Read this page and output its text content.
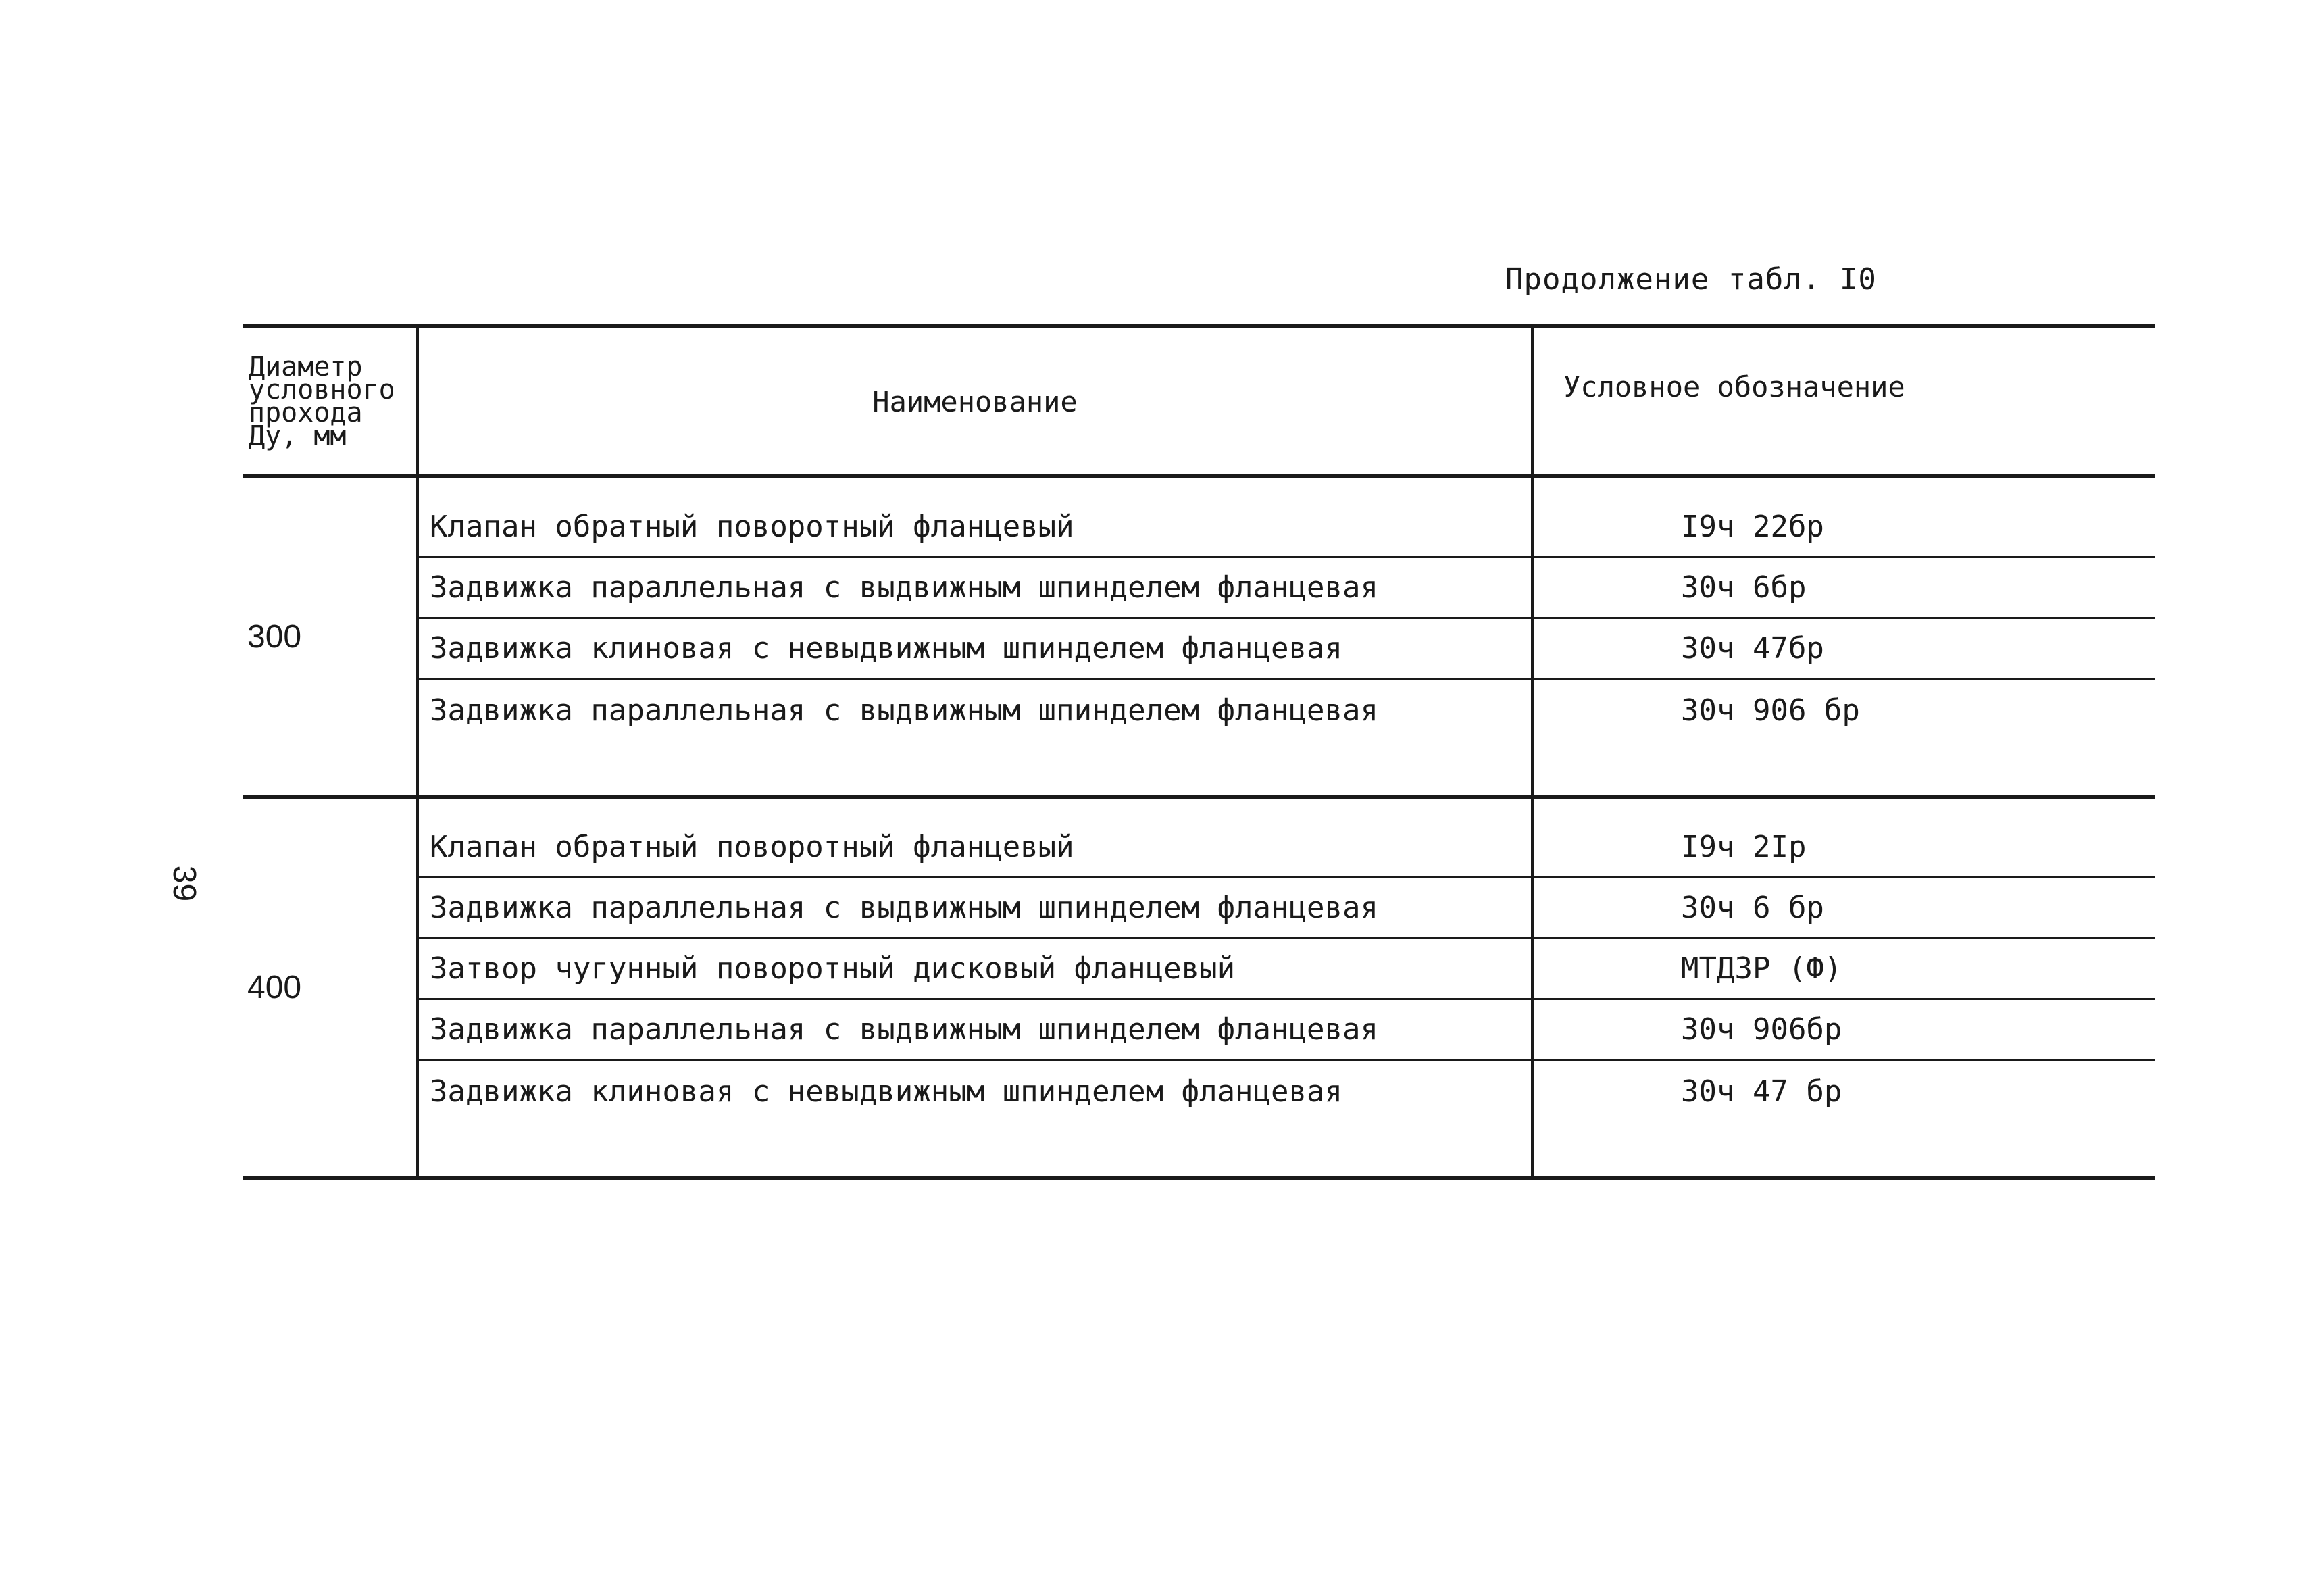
Продолжение табл. I0
39
Диаметр
условного
прохода
Ду, мм	Наименование	Условное обозначение
300	Клапан обратный поворотный фланцевый	I9ч 22бр
	Задвижка параллельная с выдвижным шпинделем фланцевая	30ч 6бр
	Задвижка клиновая с невыдвижным шпинделем фланцевая	30ч 47бр
	Задвижка параллельная с выдвижным шпинделем фланцевая	30ч 906 бр
400	Клапан обратный поворотный фланцевый	I9ч 2Iр
	Задвижка параллельная с выдвижным шпинделем фланцевая	30ч 6 бр
	Затвор чугунный поворотный дисковый фланцевый	МТДЗР (Ф)
	Задвижка параллельная с выдвижным шпинделем фланцевая	30ч 906бр
	Задвижка клиновая с невыдвижным шпинделем фланцевая	30ч 47 бр
